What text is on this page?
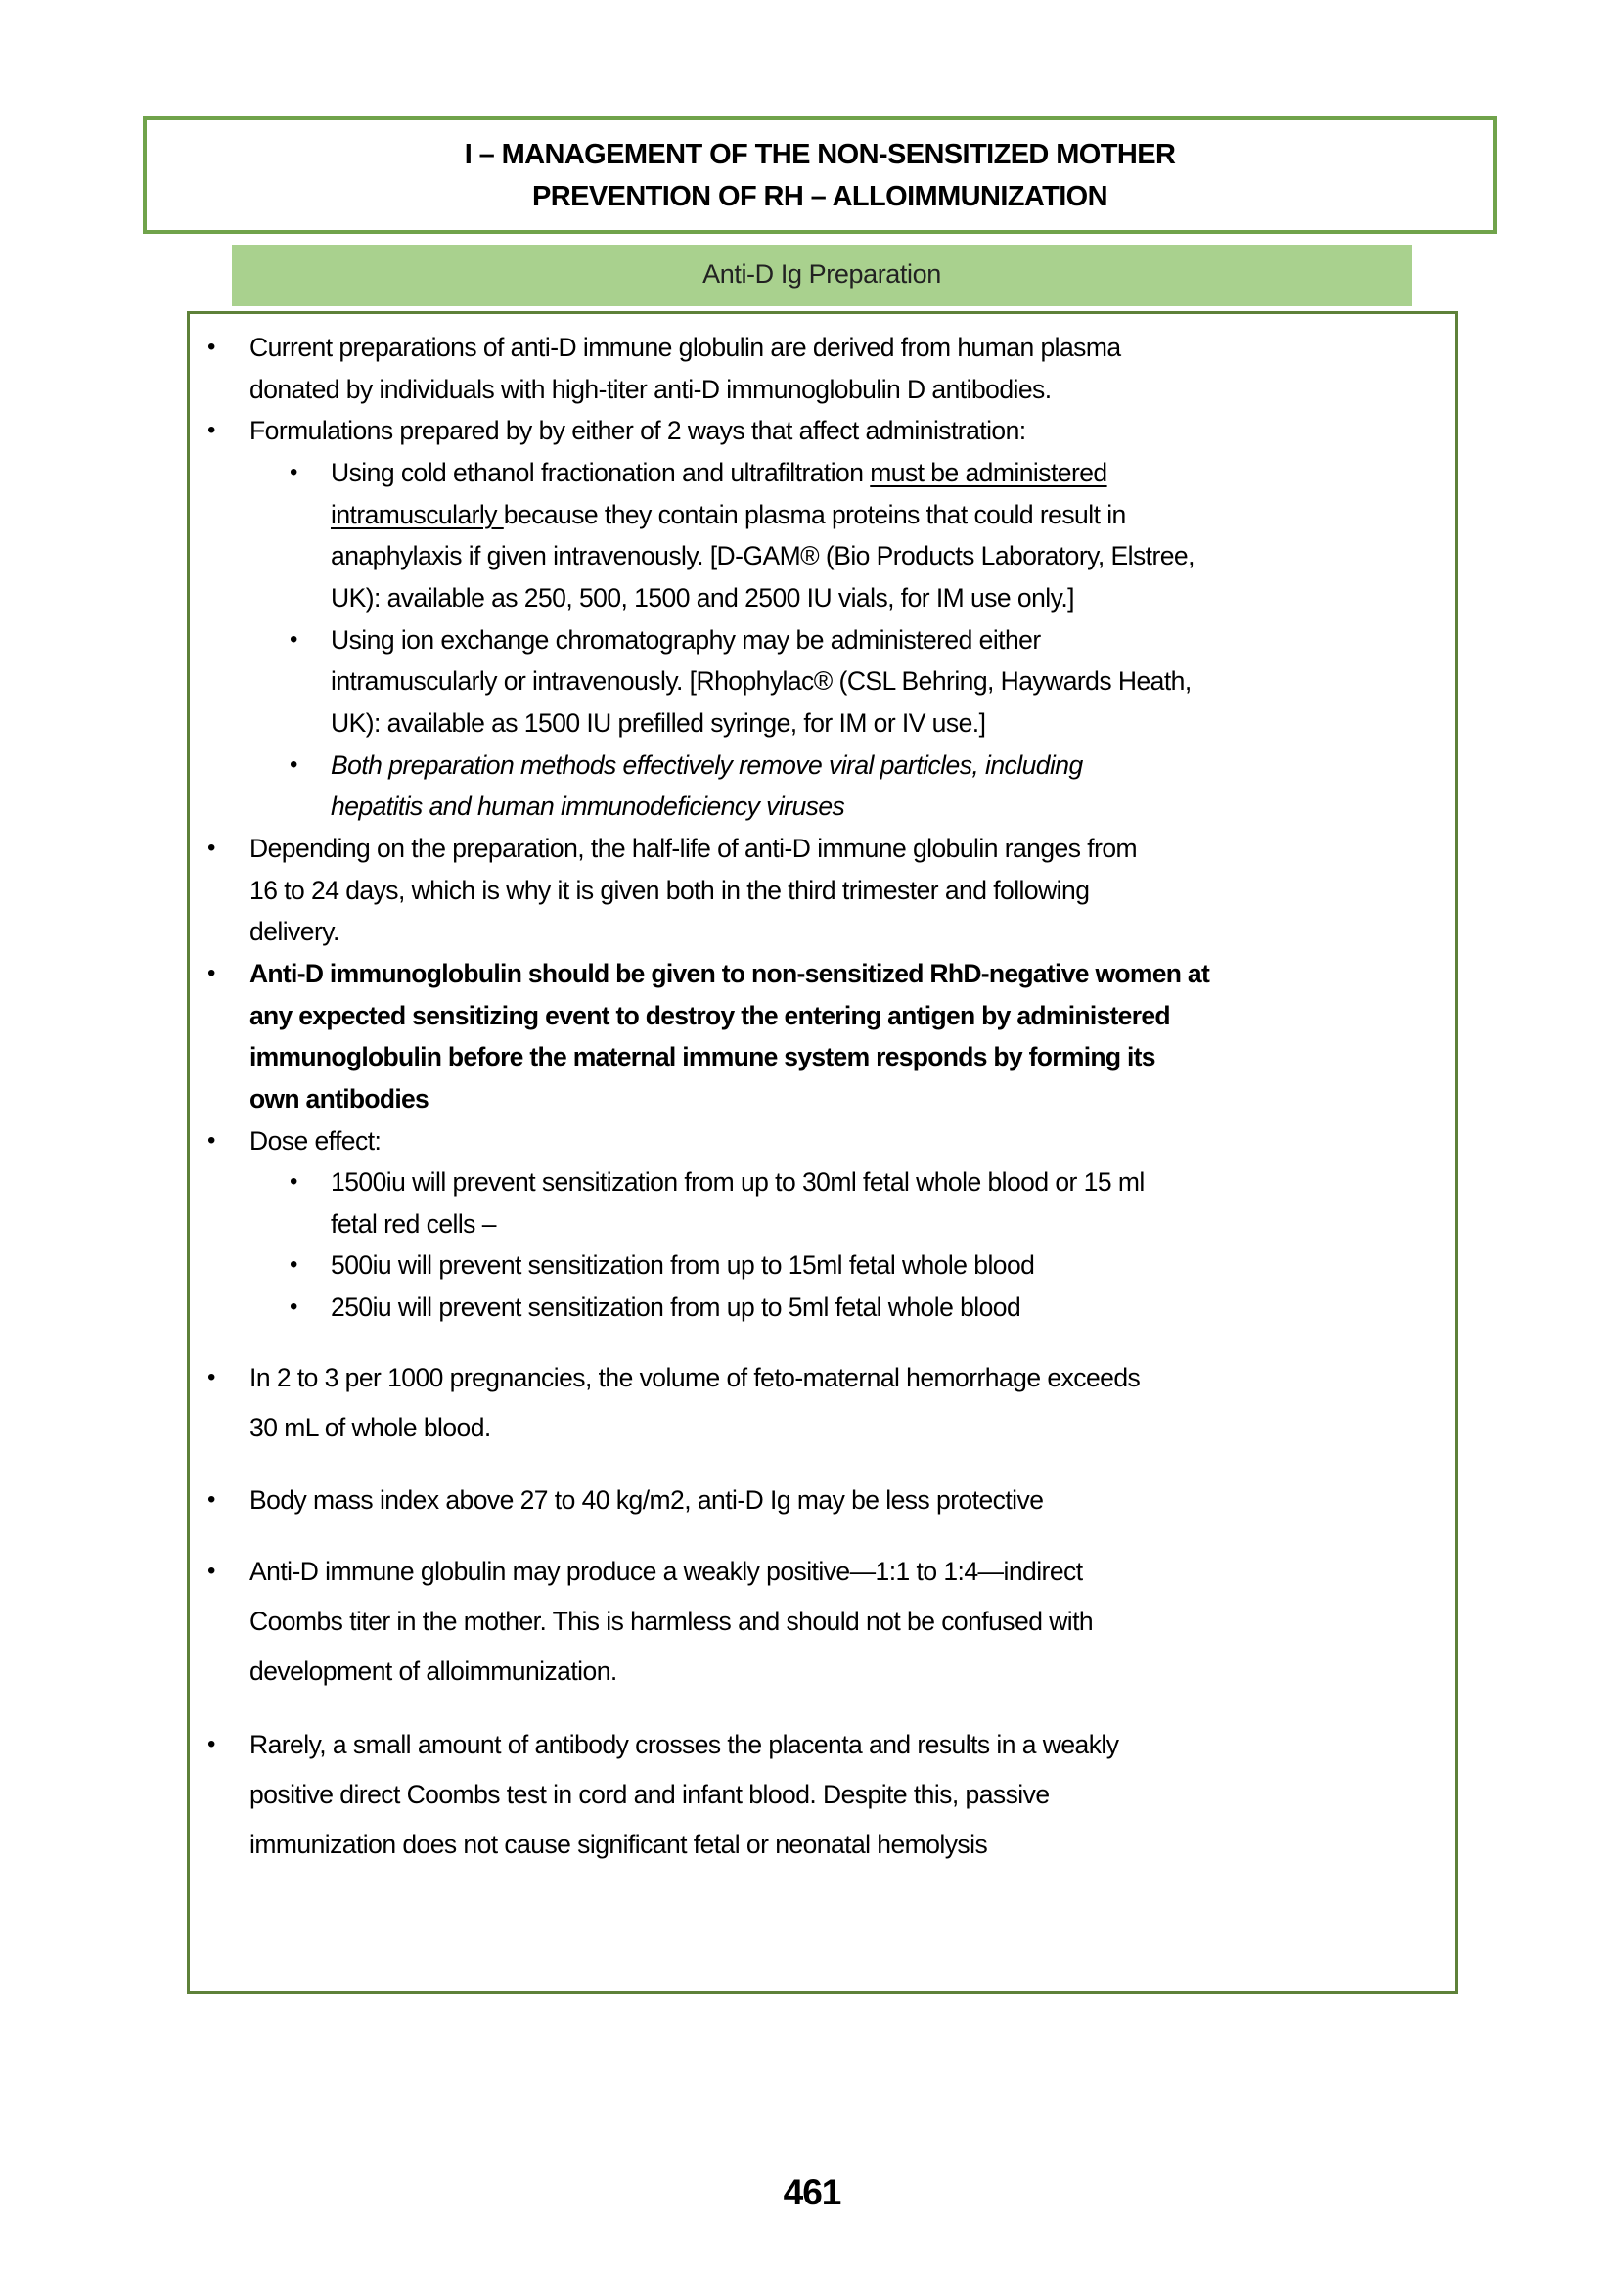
I – MANAGEMENT OF THE NON-SENSITIZED MOTHER
PREVENTION OF RH – ALLOIMMUNIZATION
Anti-D Ig Preparation
• Current preparations of anti-D immune globulin are derived from human plasma
donated by individuals with high-titer anti-D immunoglobulin D antibodies.
• Formulations prepared by by either of 2 ways that affect administration:
• Using cold ethanol fractionation and ultrafiltration must be administered
intramuscularly because they contain plasma proteins that could result in
anaphylaxis if given intravenously. [D-GAM® (Bio Products Laboratory, Elstree,
UK): available as 250, 500, 1500 and 2500 IU vials, for IM use only.]
• Using ion exchange chromatography may be administered either
intramuscularly or intravenously. [Rhophylac® (CSL Behring, Haywards Heath,
UK): available as 1500 IU prefilled syringe, for IM or IV use.]
• Both preparation methods effectively remove viral particles, including
hepatitis and human immunodeficiency viruses
• Depending on the preparation, the half-life of anti-D immune globulin ranges from
16 to 24 days, which is why it is given both in the third trimester and following
delivery.
• Anti-D immunoglobulin should be given to non-sensitized RhD-negative women at
any expected sensitizing event to destroy the entering antigen by administered
immunoglobulin before the maternal immune system responds by forming its
own antibodies
• Dose effect:
• 1500iu will prevent sensitization from up to 30ml fetal whole blood or 15 ml
fetal red cells –
• 500iu will prevent sensitization from up to 15ml fetal whole blood
• 250iu will prevent sensitization from up to 5ml fetal whole blood
• In 2 to 3 per 1000 pregnancies, the volume of feto-maternal hemorrhage exceeds
30 mL of whole blood.
• Body mass index above 27 to 40 kg/m2, anti-D Ig may be less protective
• Anti-D immune globulin may produce a weakly positive—1:1 to 1:4—indirect
Coombs titer in the mother. This is harmless and should not be confused with
development of alloimmunization.
• Rarely, a small amount of antibody crosses the placenta and results in a weakly
positive direct Coombs test in cord and infant blood. Despite this, passive
immunization does not cause significant fetal or neonatal hemolysis
461
